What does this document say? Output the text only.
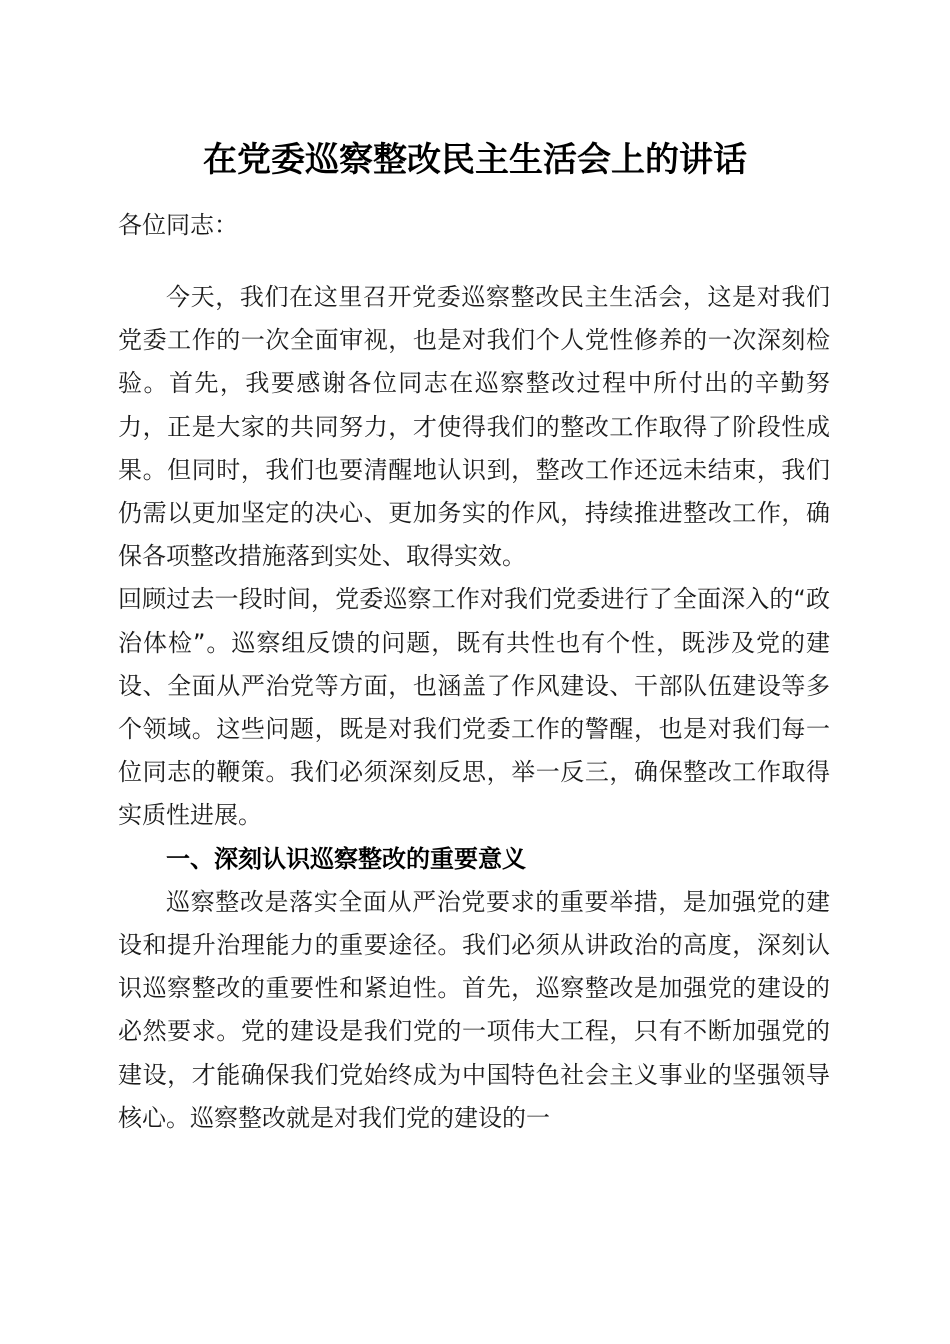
在党委巡察整改民主生活会上的讲话
各位同志：

今天，我们在这里召开党委巡察整改民主生活会，这是对我们党委工作的一次全面审视，也是对我们个人党性修养的一次深刻检验。首先，我要感谢各位同志在巡察整改过程中所付出的辛勤努力，正是大家的共同努力，才使得我们的整改工作取得了阶段性成果。但同时，我们也要清醒地认识到，整改工作还远未结束，我们仍需以更加坚定的决心、更加务实的作风，持续推进整改工作，确保各项整改措施落到实处、取得实效。

回顾过去一段时间，党委巡察工作对我们党委进行了全面深入的“政治体检”。巡察组反馈的问题，既有共性也有个性，既涉及党的建设、全面从严治党等方面，也涵盖了作风建设、干部队伍建设等多个领域。这些问题，既是对我们党委工作的警醒，也是对我们每一位同志的鞭策。我们必须深刻反思，举一反三，确保整改工作取得实质性进展。

一、深刻认识巡察整改的重要意义

巡察整改是落实全面从严治党要求的重要举措，是加强党的建设和提升治理能力的重要途径。我们必须从讲政治的高度，深刻认识巡察整改的重要性和紧迫性。首先，巡察整改是加强党的建设的必然要求。党的建设是我们党的一项伟大工程，只有不断加强党的建设，才能确保我们党始终成为中国特色社会主义事业的坚强领导核心。巡察整改就是对我们党的建设的一
